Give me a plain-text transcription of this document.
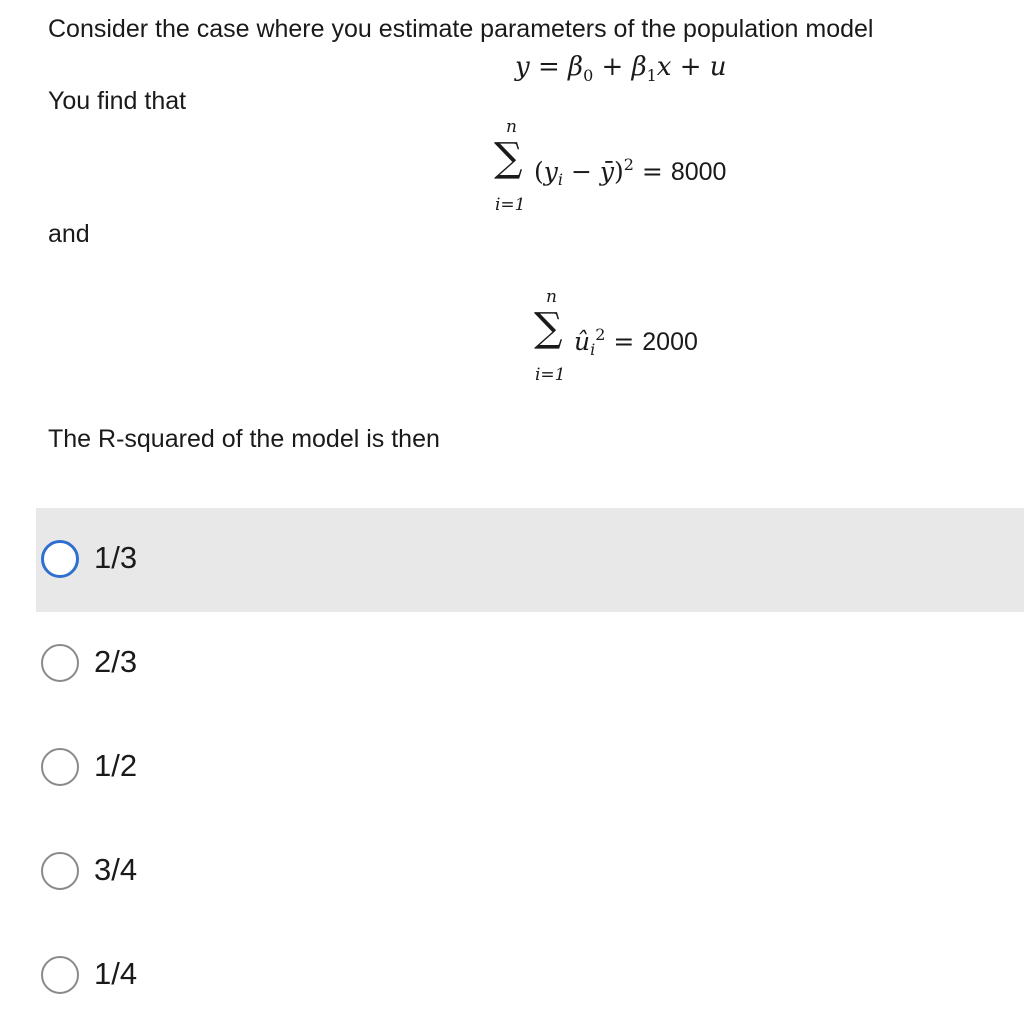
Consider the case where you estimate parameters of the population model
$y = \beta_0 + \beta_1x + u$
You find that
n
∑
i=1
($y_i$ − ȳ)$^2$ = 8000
and
n
∑
i=1
$û_i^2 = 2000$
The R-squared of the model is then
1/3
2/3
1/2
3/4
1/4
